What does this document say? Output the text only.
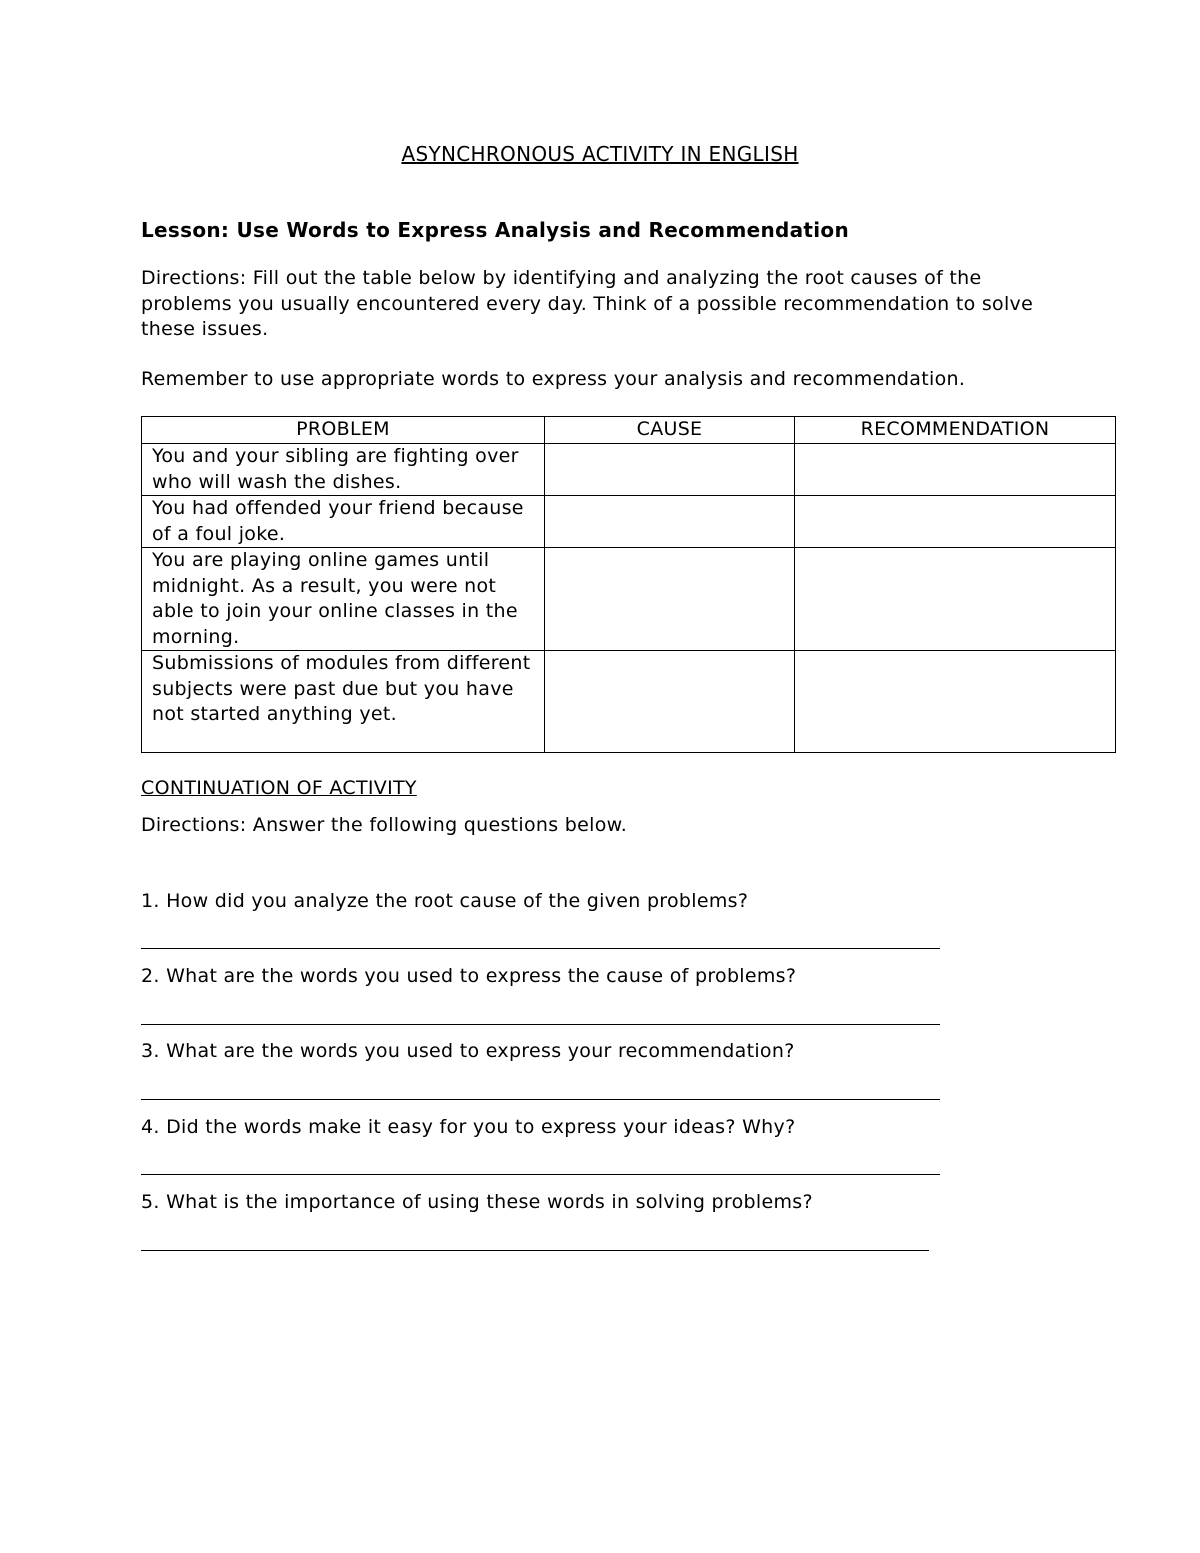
ASYNCHRONOUS ACTIVITY IN ENGLISH
Lesson: Use Words to Express Analysis and Recommendation
Directions: Fill out the table below by identifying and analyzing the root causes of the problems you usually encountered every day. Think of a possible recommendation to solve these issues.
Remember to use appropriate words to express your analysis and recommendation.
PROBLEM	CAUSE	RECOMMENDATION
You and your sibling are fighting over who will wash the dishes.		
You had offended your friend because of a foul joke.		
You are playing online games until midnight. As a result, you were not able to join your online classes in the morning.		
Submissions of modules from different subjects were past due but you have not started anything yet.		
CONTINUATION OF ACTIVITY
Directions: Answer the following questions below.
1. How did you analyze the root cause of the given problems?
2. What are the words you used to express the cause of problems?
3. What are the words you used to express your recommendation?
4. Did the words make it easy for you to express your ideas? Why?
5. What is the importance of using these words in solving problems?
